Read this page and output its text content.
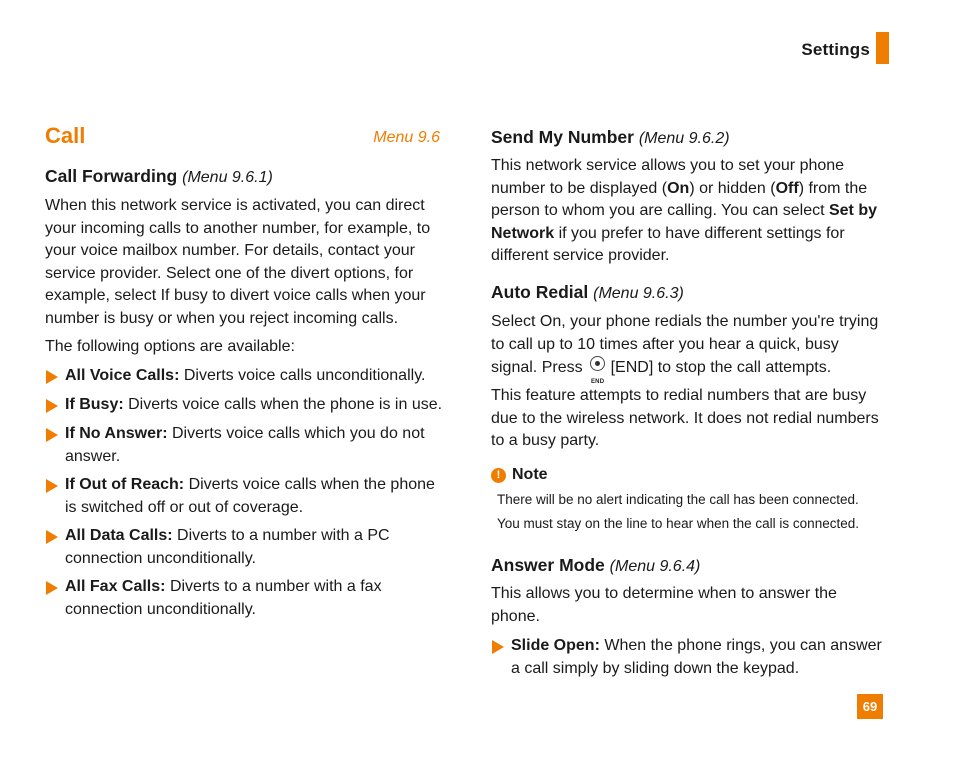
Settings
Call	Menu 9.6
Call Forwarding (Menu 9.6.1)

When this network service is activated, you can direct your incoming calls to another number, for example, to your voice mailbox number. For details, contact your service provider. Select one of the divert options, for example, select If busy to divert voice calls when your number is busy or when you reject incoming calls.

The following options are available:

All Voice Calls: Diverts voice calls unconditionally.
If Busy: Diverts voice calls when the phone is in use.
If No Answer: Diverts voice calls which you do not answer.
If Out of Reach: Diverts voice calls when the phone is switched off or out of coverage.
All Data Calls: Diverts to a number with a PC connection unconditionally.
All Fax Calls: Diverts to a number with a fax connection unconditionally.
Send My Number (Menu 9.6.2)

This network service allows you to set your phone number to be displayed (On) or hidden (Off) from the person to whom you are calling. You can select Set by Network if you prefer to have different settings for different service provider.

Auto Redial (Menu 9.6.3)

Select On, your phone redials the number you're trying to call up to 10 times after you hear a quick, busy signal. Press
END
[END] to stop the call attempts.

This feature attempts to redial numbers that are busy due to the wireless network. It does not redial numbers to a busy party.

! Note
There will be no alert indicating the call has been connected.
You must stay on the line to hear when the call is connected.
Answer Mode (Menu 9.6.4)

This allows you to determine when to answer the phone.

Slide Open: When the phone rings, you can answer a call simply by sliding down the keypad.
69
